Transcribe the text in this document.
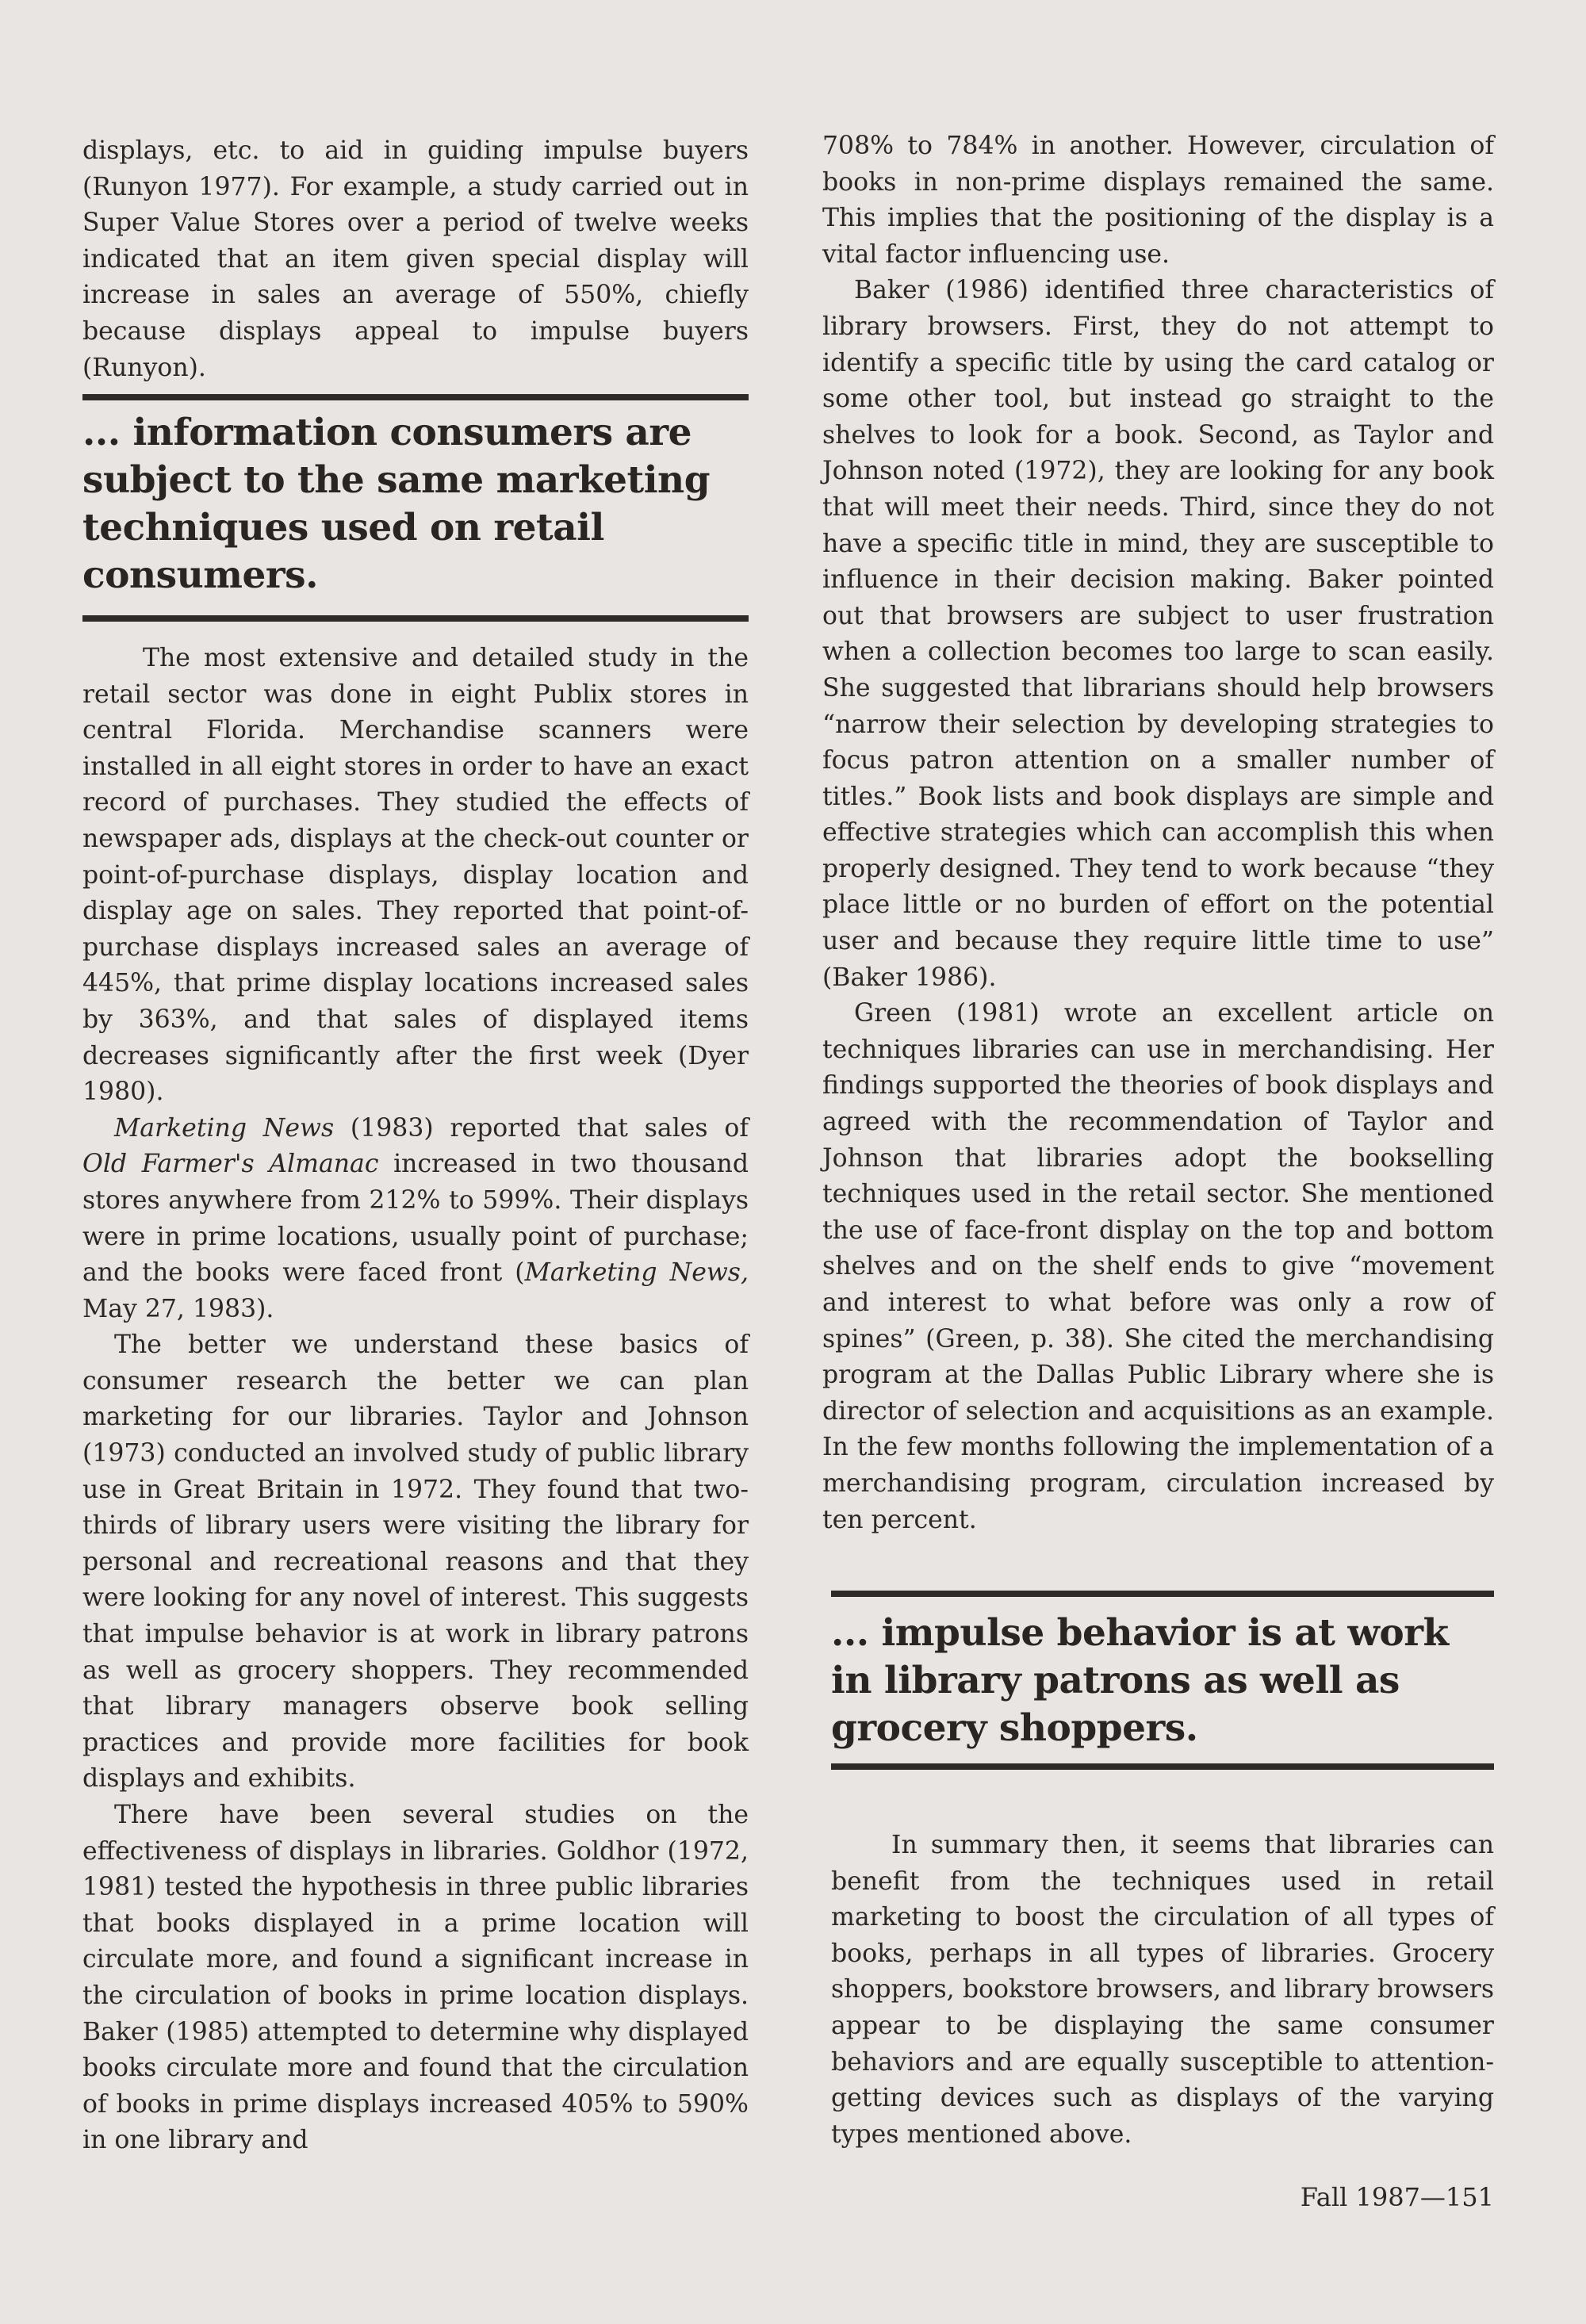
displays, etc. to aid in guiding impulse buyers (Runyon 1977). For example, a study carried out in Super Value Stores over a period of twelve weeks indicated that an item given special display will increase in sales an average of 550%, chiefly because displays appeal to impulse buyers (Runyon).

... information consumers are subject to the same marketing techniques used on retail consumers.

The most extensive and detailed study in the retail sector was done in eight Publix stores in central Florida. Merchandise scanners were installed in all eight stores in order to have an exact record of purchases. They studied the effects of newspaper ads, displays at the check-out counter or point-of-purchase displays, display location and display age on sales. They reported that point-of-purchase displays increased sales an average of 445%, that prime display locations increased sales by 363%, and that sales of displayed items decreases significantly after the first week (Dyer 1980).

Marketing News (1983) reported that sales of Old Farmer's Almanac increased in two thousand stores anywhere from 212% to 599%. Their displays were in prime locations, usually point of purchase; and the books were faced front (Marketing News, May 27, 1983).

The better we understand these basics of consumer research the better we can plan marketing for our libraries. Taylor and Johnson (1973) conducted an involved study of public library use in Great Britain in 1972. They found that two-thirds of library users were visiting the library for personal and recreational reasons and that they were looking for any novel of interest. This suggests that impulse behavior is at work in library patrons as well as grocery shoppers. They recommended that library managers observe book selling practices and provide more facilities for book displays and exhibits.

There have been several studies on the effectiveness of displays in libraries. Goldhor (1972, 1981) tested the hypothesis in three public libraries that books displayed in a prime location will circulate more, and found a significant increase in the circulation of books in prime location displays. Baker (1985) attempted to determine why displayed books circulate more and found that the circulation of books in prime displays increased 405% to 590% in one library and

708% to 784% in another. However, circulation of books in non-prime displays remained the same. This implies that the positioning of the display is a vital factor influencing use.

Baker (1986) identified three characteristics of library browsers. First, they do not attempt to identify a specific title by using the card catalog or some other tool, but instead go straight to the shelves to look for a book. Second, as Taylor and Johnson noted (1972), they are looking for any book that will meet their needs. Third, since they do not have a specific title in mind, they are susceptible to influence in their decision making. Baker pointed out that browsers are subject to user frustration when a collection becomes too large to scan easily. She suggested that librarians should help browsers “narrow their selection by developing strategies to focus patron attention on a smaller number of titles.” Book lists and book displays are simple and effective strategies which can accomplish this when properly designed. They tend to work because “they place little or no burden of effort on the potential user and because they require little time to use” (Baker 1986).

Green (1981) wrote an excellent article on techniques libraries can use in merchandising. Her findings supported the theories of book displays and agreed with the recommendation of Taylor and Johnson that libraries adopt the bookselling techniques used in the retail sector. She mentioned the use of face-front display on the top and bottom shelves and on the shelf ends to give “movement and interest to what before was only a row of spines” (Green, p. 38). She cited the merchandising program at the Dallas Public Library where she is director of selection and acquisitions as an example. In the few months following the implementation of a merchandising program, circulation increased by ten percent.

... impulse behavior is at work in library patrons as well as grocery shoppers.

In summary then, it seems that libraries can benefit from the techniques used in retail marketing to boost the circulation of all types of books, perhaps in all types of libraries. Grocery shoppers, bookstore browsers, and library browsers appear to be displaying the same consumer behaviors and are equally susceptible to attention-getting devices such as displays of the varying types mentioned above.

Fall 1987—151
